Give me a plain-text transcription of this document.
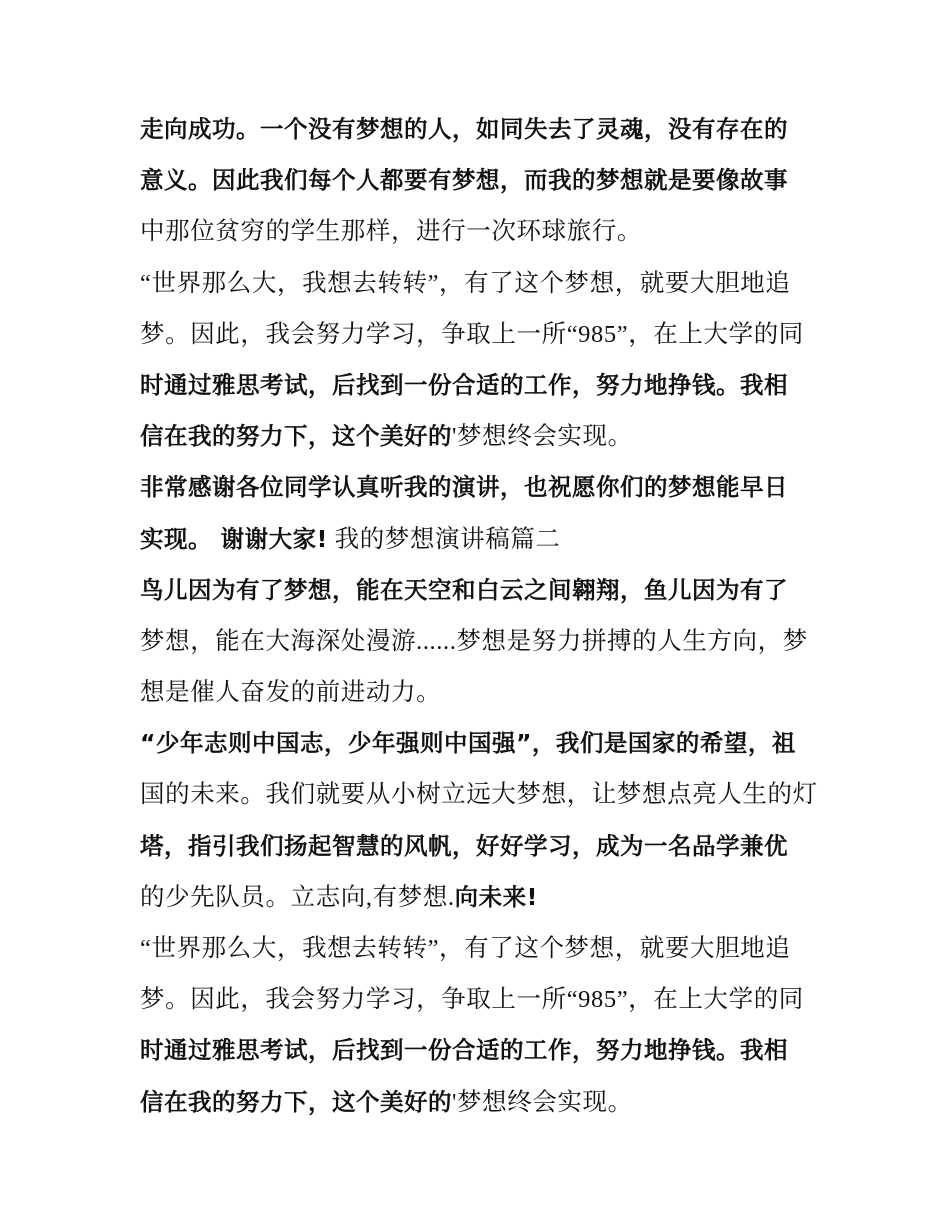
走向成功。一个没有梦想的人，如同失去了灵魂，没有存在的
意义。因此我们每个人都要有梦想，而我的梦想就是要像故事
中那位贫穷的学生那样，进行一次环球旅行。
“世界那么大，我想去转转”，有了这个梦想，就要大胆地追
梦。因此，我会努力学习，争取上一所“985”，在上大学的同
时通过雅思考试，后找到一份合适的工作，努力地挣钱。我相
信在我的努力下，这个美好的'梦想终会实现。
非常感谢各位同学认真听我的演讲，也祝愿你们的梦想能早日
实现。 谢谢大家! 我的梦想演讲稿篇二
鸟儿因为有了梦想，能在天空和白云之间翱翔，鱼儿因为有了
梦想，能在大海深处漫游......梦想是努力拼搏的人生方向，梦
想是催人奋发的前进动力。
“少年志则中国志，少年强则中国强”，我们是国家的希望，祖
国的未来。我们就要从小树立远大梦想，让梦想点亮人生的灯
塔，指引我们扬起智慧的风帆，好好学习，成为一名品学兼优
的少先队员。立志向,有梦想.向未来!
“世界那么大，我想去转转”，有了这个梦想，就要大胆地追
梦。因此，我会努力学习，争取上一所“985”，在上大学的同
时通过雅思考试，后找到一份合适的工作，努力地挣钱。我相
信在我的努力下，这个美好的'梦想终会实现。
